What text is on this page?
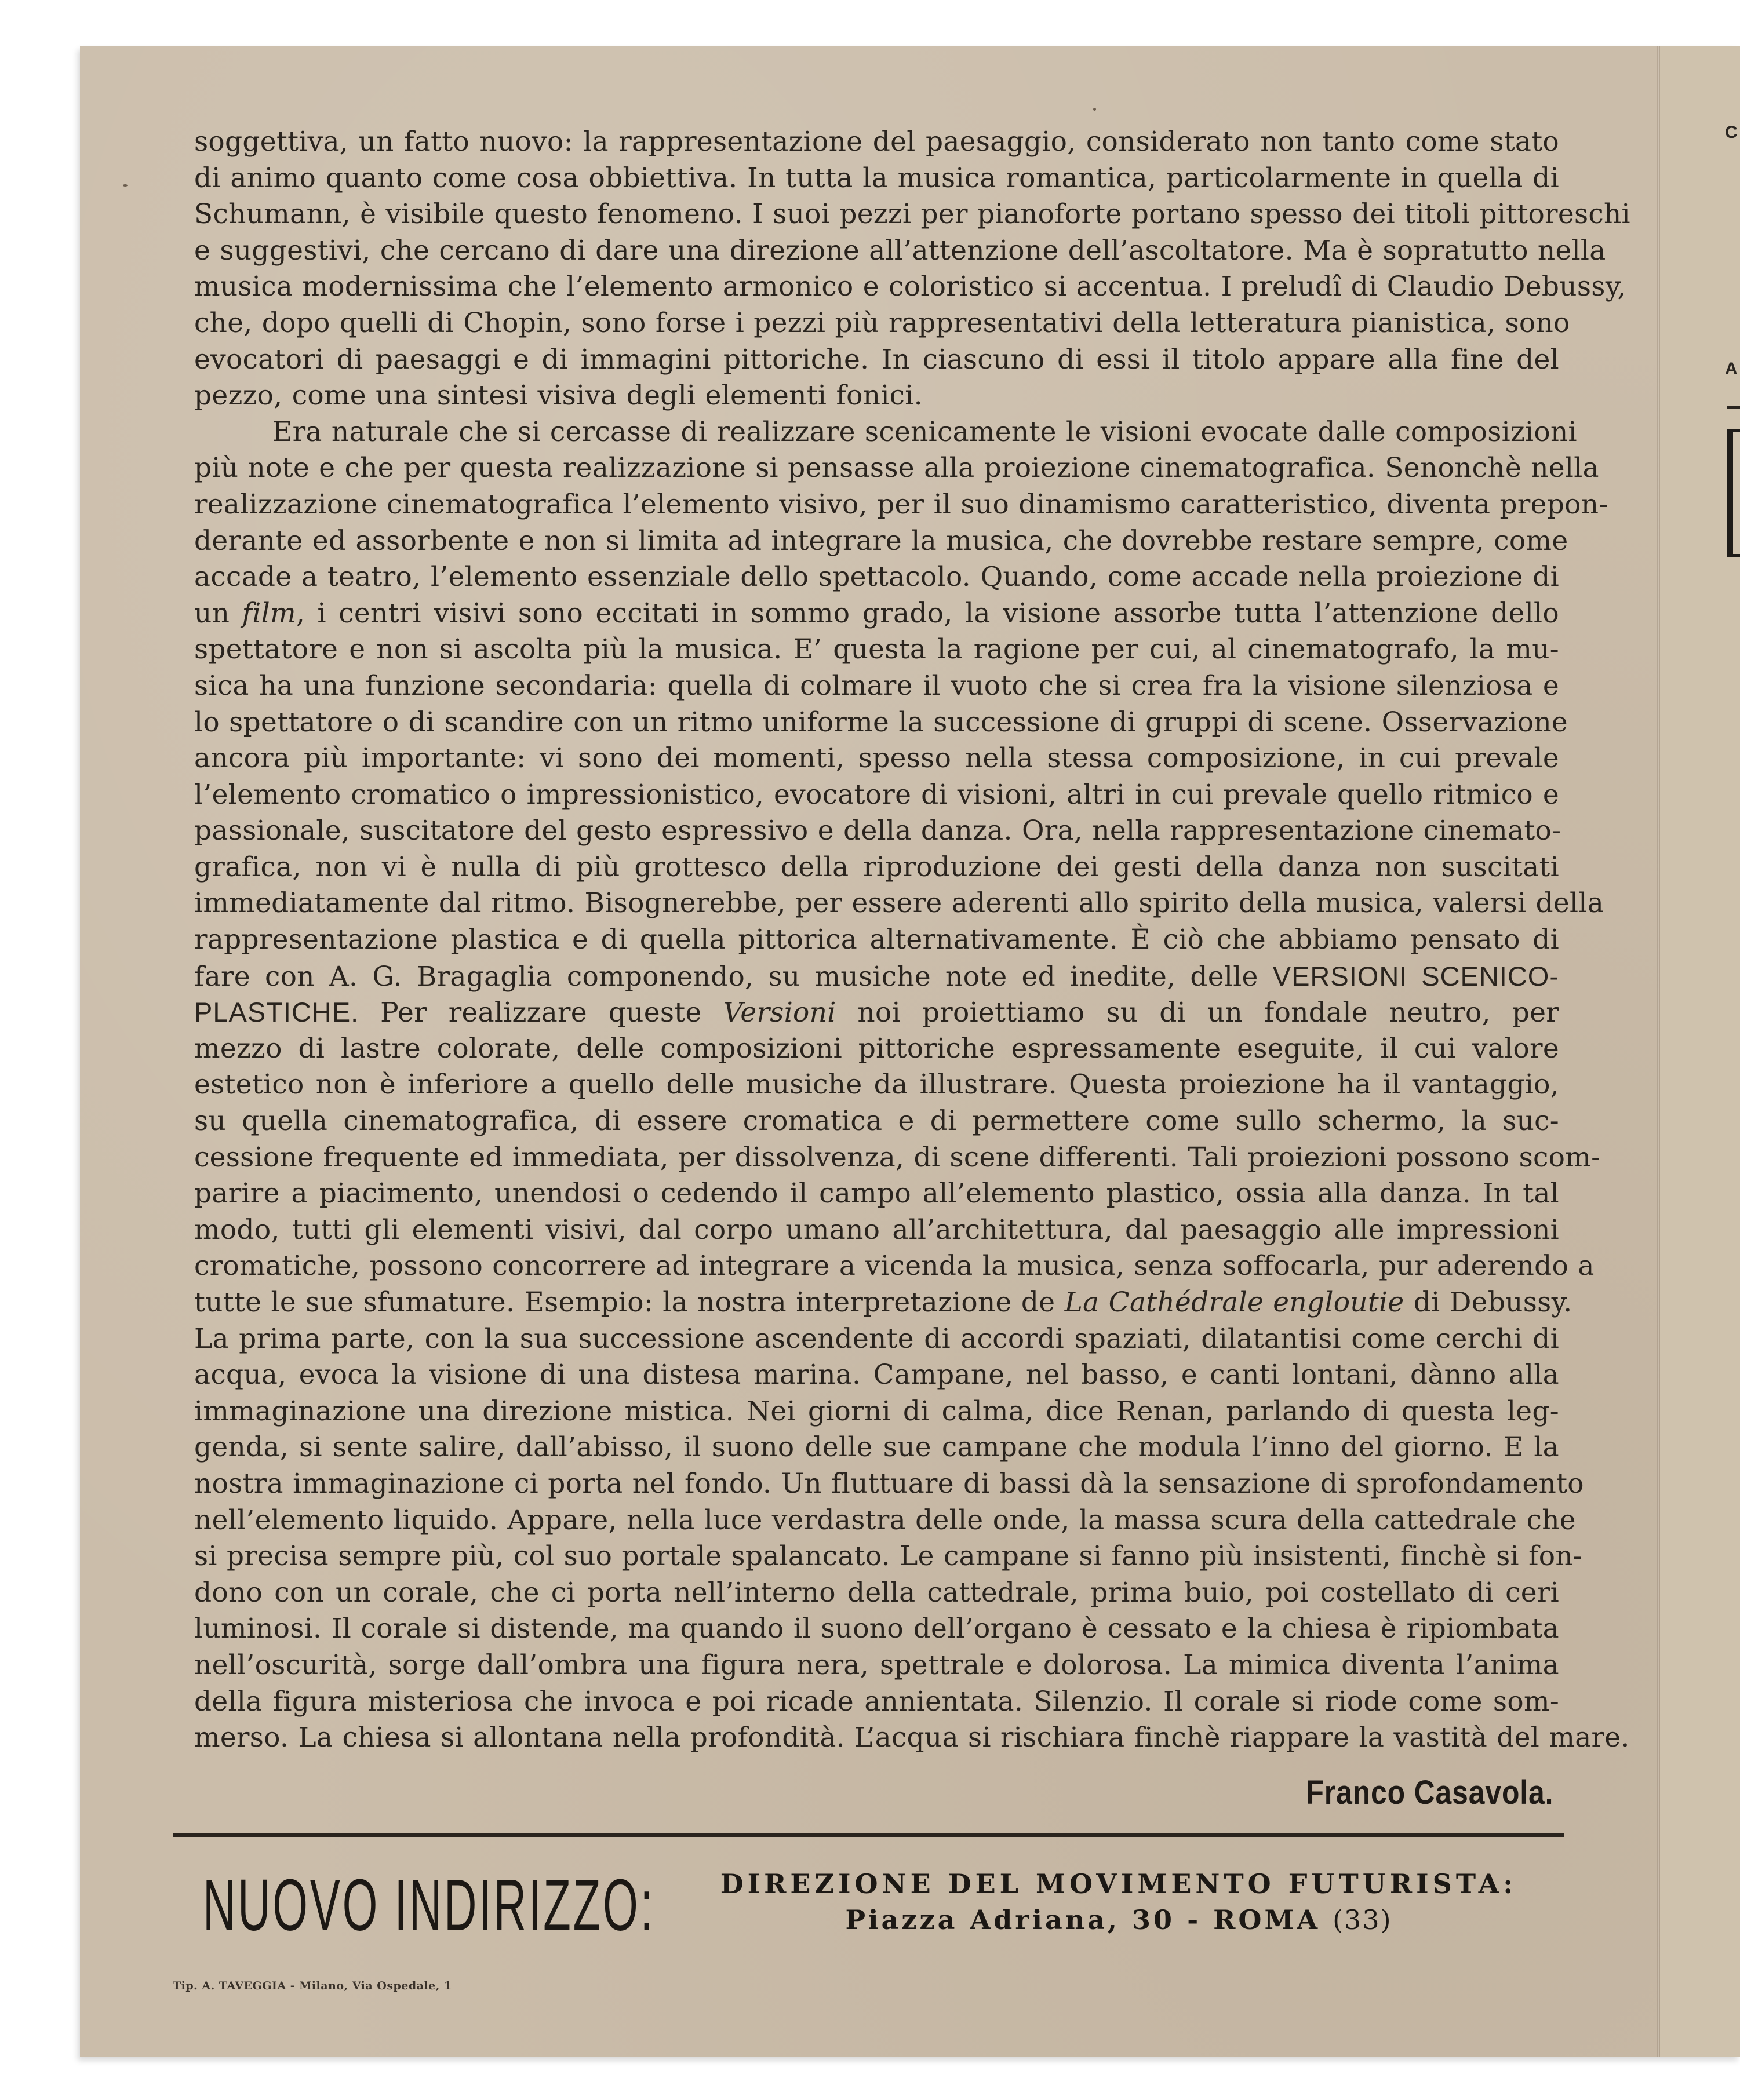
C
A
soggettiva, un fatto nuovo: la rappresentazione del paesaggio, considerato non tanto come stato
di animo quanto come cosa obbiettiva. In tutta la musica romantica, particolarmente in quella di
Schumann, è visibile questo fenomeno. I suoi pezzi per pianoforte portano spesso dei titoli pittoreschi
e suggestivi, che cercano di dare una direzione all’attenzione dell’ascoltatore. Ma è sopratutto nella
musica modernissima che l’elemento armonico e coloristico si accentua. I preludî di Claudio Debussy,
che, dopo quelli di Chopin, sono forse i pezzi più rappresentativi della letteratura pianistica, sono
evocatori di paesaggi e di immagini pittoriche. In ciascuno di essi il titolo appare alla fine del
pezzo, come una sintesi visiva degli elementi fonici.
Era naturale che si cercasse di realizzare scenicamente le visioni evocate dalle composizioni
più note e che per questa realizzazione si pensasse alla proiezione cinematografica. Senonchè nella
realizzazione cinematografica l’elemento visivo, per il suo dinamismo caratteristico, diventa prepon-
derante ed assorbente e non si limita ad integrare la musica, che dovrebbe restare sempre, come
accade a teatro, l’elemento essenziale dello spettacolo. Quando, come accade nella proiezione di
un film, i centri visivi sono eccitati in sommo grado, la visione assorbe tutta l’attenzione dello
spettatore e non si ascolta più la musica. E’ questa la ragione per cui, al cinematografo, la mu-
sica ha una funzione secondaria: quella di colmare il vuoto che si crea fra la visione silenziosa e
lo spettatore o di scandire con un ritmo uniforme la successione di gruppi di scene. Osservazione
ancora più importante: vi sono dei momenti, spesso nella stessa composizione, in cui prevale
l’elemento cromatico o impressionistico, evocatore di visioni, altri in cui prevale quello ritmico e
passionale, suscitatore del gesto espressivo e della danza. Ora, nella rappresentazione cinemato-
grafica, non vi è nulla di più grottesco della riproduzione dei gesti della danza non suscitati
immediatamente dal ritmo. Bisognerebbe, per essere aderenti allo spirito della musica, valersi della
rappresentazione plastica e di quella pittorica alternativamente. È ciò che abbiamo pensato di
fare con A. G. Bragaglia componendo, su musiche note ed inedite, delle VERSIONI SCENICO-
PLASTICHE. Per realizzare queste Versioni noi proiettiamo su di un fondale neutro, per
mezzo di lastre colorate, delle composizioni pittoriche espressamente eseguite, il cui valore
estetico non è inferiore a quello delle musiche da illustrare. Questa proiezione ha il vantaggio,
su quella cinematografica, di essere cromatica e di permettere come sullo schermo, la suc-
cessione frequente ed immediata, per dissolvenza, di scene differenti. Tali proiezioni possono scom-
parire a piacimento, unendosi o cedendo il campo all’elemento plastico, ossia alla danza. In tal
modo, tutti gli elementi visivi, dal corpo umano all’architettura, dal paesaggio alle impressioni
cromatiche, possono concorrere ad integrare a vicenda la musica, senza soffocarla, pur aderendo a
tutte le sue sfumature. Esempio: la nostra interpretazione de La Cathédrale engloutie di Debussy.
La prima parte, con la sua successione ascendente di accordi spaziati, dilatantisi come cerchi di
acqua, evoca la visione di una distesa marina. Campane, nel basso, e canti lontani, dànno alla
immaginazione una direzione mistica. Nei giorni di calma, dice Renan, parlando di questa leg-
genda, si sente salire, dall’abisso, il suono delle sue campane che modula l’inno del giorno. E la
nostra immaginazione ci porta nel fondo. Un fluttuare di bassi dà la sensazione di sprofondamento
nell’elemento liquido. Appare, nella luce verdastra delle onde, la massa scura della cattedrale che
si precisa sempre più, col suo portale spalancato. Le campane si fanno più insistenti, finchè si fon-
dono con un corale, che ci porta nell’interno della cattedrale, prima buio, poi costellato di ceri
luminosi. Il corale si distende, ma quando il suono dell’organo è cessato e la chiesa è ripiombata
nell’oscurità, sorge dall’ombra una figura nera, spettrale e dolorosa. La mimica diventa l’anima
della figura misteriosa che invoca e poi ricade annientata. Silenzio. Il corale si riode come som-
merso. La chiesa si allontana nella profondità. L’acqua si rischiara finchè riappare la vastità del mare.
Franco Casavola.
NUOVO INDIRIZZO:	DIREZIONE DEL MOVIMENTO FUTURISTA:
Piazza Adriana, 30 - ROMA (33)
Tip. A. TAVEGGIA - Milano, Via Ospedale, 1
